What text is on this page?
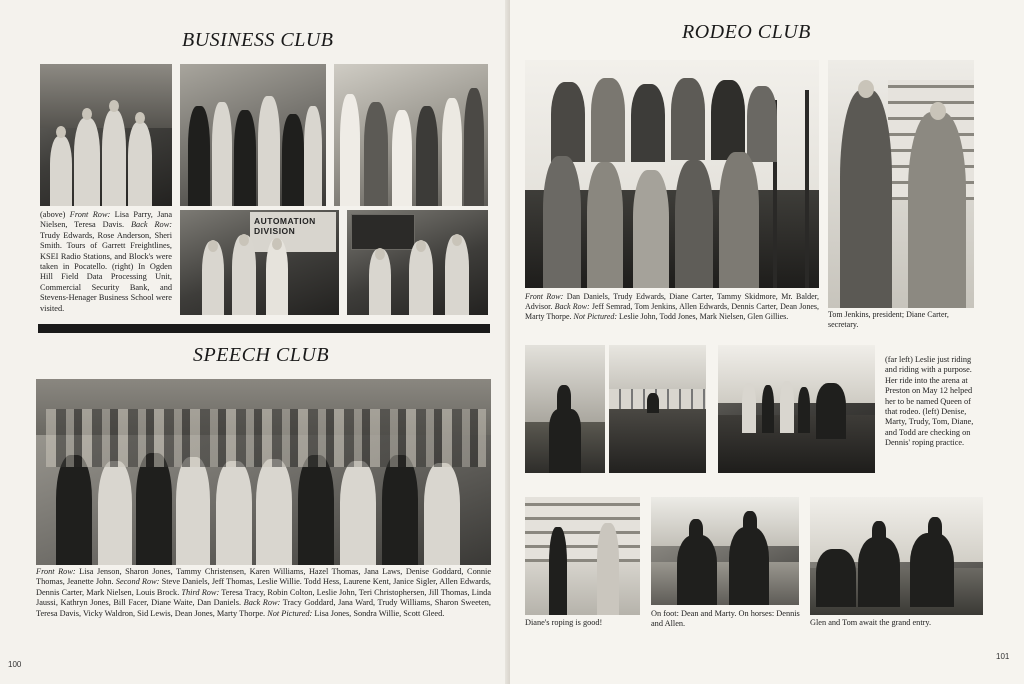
BUSINESS CLUB
(above) Front Row: Lisa Parry, Jana Nielsen, Teresa Davis. Back Row: Trudy Edwards, Rose Anderson, Sheri Smith. Tours of Garrett Freightlines, KSEI Radio Stations, and Block's were taken in Pocatello. (right) In Ogden Hill Field Data Processing Unit, Commercial Security Bank, and Stevens-Henager Business School were visited.
AUTOMATION DIVISION
SPEECH CLUB
Front Row: Lisa Jenson, Sharon Jones, Tammy Christensen, Karen Williams, Hazel Thomas, Jana Laws, Denise Goddard, Connie Thomas, Jeanette John. Second Row: Steve Daniels, Jeff Thomas, Leslie Willie. Todd Hess, Laurene Kent, Janice Sigler, Allen Edwards, Dennis Carter, Mark Nielsen, Louis Brock. Third Row: Teresa Tracy, Robin Colton, Leslie John, Teri Christophersen, Jill Thomas, Linda Jaussi, Kathryn Jones, Bill Facer, Diane Waite, Dan Daniels. Back Row: Tracy Goddard, Jana Ward, Trudy Williams, Sharon Sweeten, Teresa Davis, Vicky Waldron, Sid Lewis, Dean Jones, Marty Thorpe. Not Pictured: Lisa Jones, Sondra Willie, Scott Gleed.
100
RODEO CLUB
Front Row: Dan Daniels, Trudy Edwards, Diane Carter, Tammy Skidmore, Mr. Balder, Advisor. Back Row: Jeff Semrad, Tom Jenkins, Allen Edwards, Dennis Carter, Dean Jones, Marty Thorpe. Not Pictured: Leslie John, Todd Jones, Mark Nielsen, Glen Gillies.	Tom Jenkins, president; Diane Carter, secretary.
(far left) Leslie just riding and riding with a purpose. Her ride into the arena at Preston on May 12 helped her to be named Queen of that rodeo. (left) Denise, Marty, Trudy, Tom, Diane, and Todd are checking on Dennis' roping practice.
Diane's roping is good!
On foot: Dean and Marty. On horses: Dennis and Allen.	Glen and Tom await the grand entry.
101
